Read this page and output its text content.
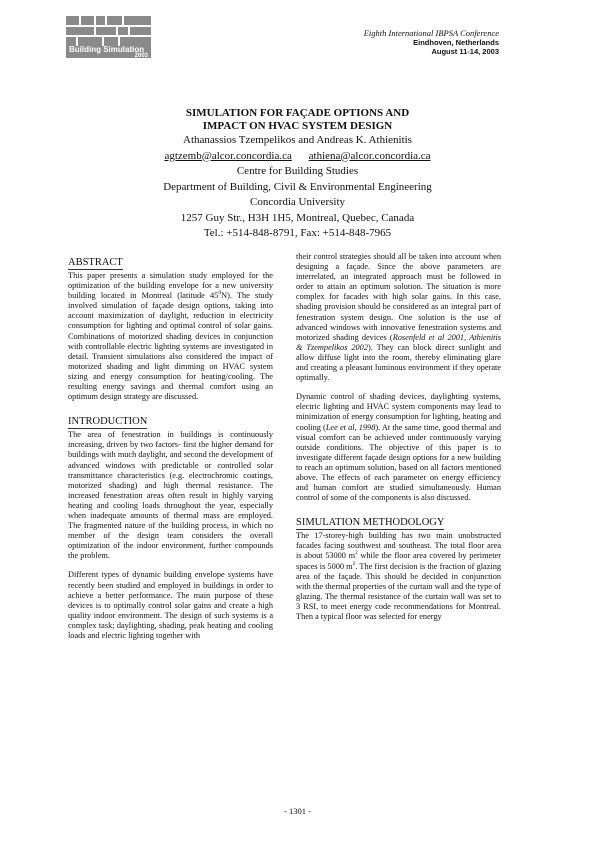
Building Simulation
2003
Eighth International IBPSA Conference
Eindhoven, Netherlands
August 11-14, 2003
SIMULATION FOR FAÇADE OPTIONS AND
IMPACT ON HVAC SYSTEM DESIGN
Athanassios Tzempelikos and Andreas K. Athienitis
agtzemb@alcor.concordia.ca athiena@alcor.concordia.ca
Centre for Building Studies
Department of Building, Civil & Environmental Engineering
Concordia University
1257 Guy Str., H3H 1H5, Montreal, Quebec, Canada
Tel.: +514-848-8791, Fax: +514-848-7965
ABSTRACT

This paper presents a simulation study employed for the optimization of the building envelope for a new university building located in Montreal (latitude $45^0N$). The study involved simulation of façade design options, taking into account maximization of daylight, reduction in electricity consumption for lighting and optimal control of solar gains. Combinations of motorized shading devices in conjunction with controllable electric lighting systems are investigated in detail. Transient simulations also considered the impact of motorized shading and light dimming on HVAC system sizing and energy consumption for heating/cooling. The resulting energy savings and thermal comfort using an optimum design strategy are discussed.

INTRODUCTION

The area of fenestration in buildings is continuously increasing, driven by two factors- first the higher demand for buildings with much daylight, and second the development of advanced windows with predictable or controlled solar transmittance characteristics (e.g. electrochromic coatings, motorized shading) and high thermal resistance. The increased fenestration areas often result in highly varying heating and cooling loads throughout the year, especially when inadequate amounts of thermal mass are employed. The fragmented nature of the building process, in which no member of the design team considers the overall optimization of the indoor environment, further compounds the problem.

Different types of dynamic building envelope systems have recently been studied and employed in buildings in order to achieve a better performance. The main purpose of these devices is to optimally control solar gains and create a high quality indoor environment. The design of such systems is a complex task; daylighting, shading, peak heating and cooling loads and electric lighting together with

their control strategies should all be taken into account when designing a façade. Since the above parameters are interrelated, an integrated approach must be followed in order to attain an optimum solution. The situation is more complex for facades with high solar gains. In this case, shading provision should be considered as an integral part of fenestration system design. One solution is the use of advanced windows with innovative fenestration systems and motorized shading devices (Rosenfeld et al 2001, Athienitis & Tzempelikos 2002). They can block direct sunlight and allow diffuse light into the room, thereby eliminating glare and creating a pleasant luminous environment if they operate optimally.

Dynamic control of shading devices, daylighting systems, electric lighting and HVAC system components may lead to minimization of energy consumption for lighting, heating and cooling (Lee et al, 1998). At the same time, good thermal and visual comfort can be achieved under continuously varying outside conditions. The objective of this paper is to investigate different façade design options for a new building to reach an optimum solution, based on all factors mentioned above. The effects of each parameter on energy efficiency and human comfort are studied simultaneously. Human control of some of the components is also discussed.

SIMULATION METHODOLOGY

The 17-storey-high building has two main unobstructed facades facing southwest and southeast. The total floor area is about 53000 $m^2$ while the floor area covered by perimeter spaces is 5000 $m^2$. The first decision is the fraction of glazing area of the façade. This should be decided in conjunction with the thermal properties of the curtain wall and the type of glazing. The thermal resistance of the curtain wall was set to 3 RSI, to meet energy code recommendations for Montreal. Then a typical floor was selected for energy

- 1301 -
